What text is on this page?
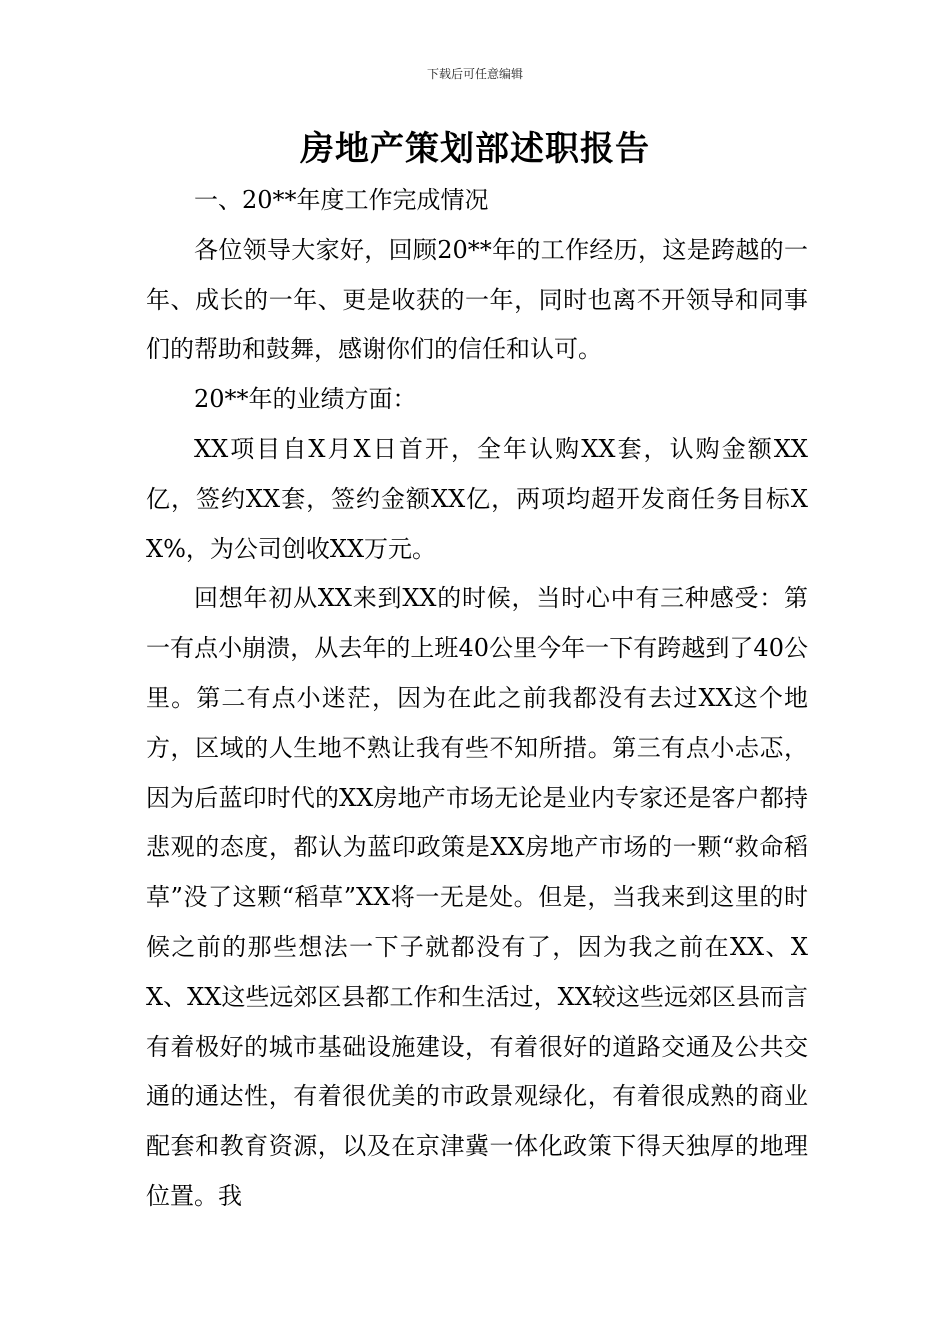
下载后可任意编辑
房地产策划部述职报告

一、20**年度工作完成情况

各位领导大家好，回顾20**年的工作经历，这是跨越的一年、成长的一年、更是收获的一年，同时也离不开领导和同事们的帮助和鼓舞，感谢你们的信任和认可。

20**年的业绩方面：

XX项目自X月X日首开，全年认购XX套，认购金额XX亿，签约XX套，签约金额XX亿，两项均超开发商任务目标XX%，为公司创收XX万元。

回想年初从XX来到XX的时候，当时心中有三种感受：第一有点小崩溃，从去年的上班40公里今年一下有跨越到了40公里。第二有点小迷茫，因为在此之前我都没有去过XX这个地方，区域的人生地不熟让我有些不知所措。第三有点小忐忑，因为后蓝印时代的XX房地产市场无论是业内专家还是客户都持悲观的态度，都认为蓝印政策是XX房地产市场的一颗“救命稻草”没了这颗“稻草”XX将一无是处。但是，当我来到这里的时候之前的那些想法一下子就都没有了，因为我之前在XX、XX、XX这些远郊区县都工作和生活过，XX较这些远郊区县而言有着极好的城市基础设施建设，有着很好的道路交通及公共交通的通达性，有着很优美的市政景观绿化，有着很成熟的商业配套和教育资源，以及在京津冀一体化政策下得天独厚的地理位置。我
